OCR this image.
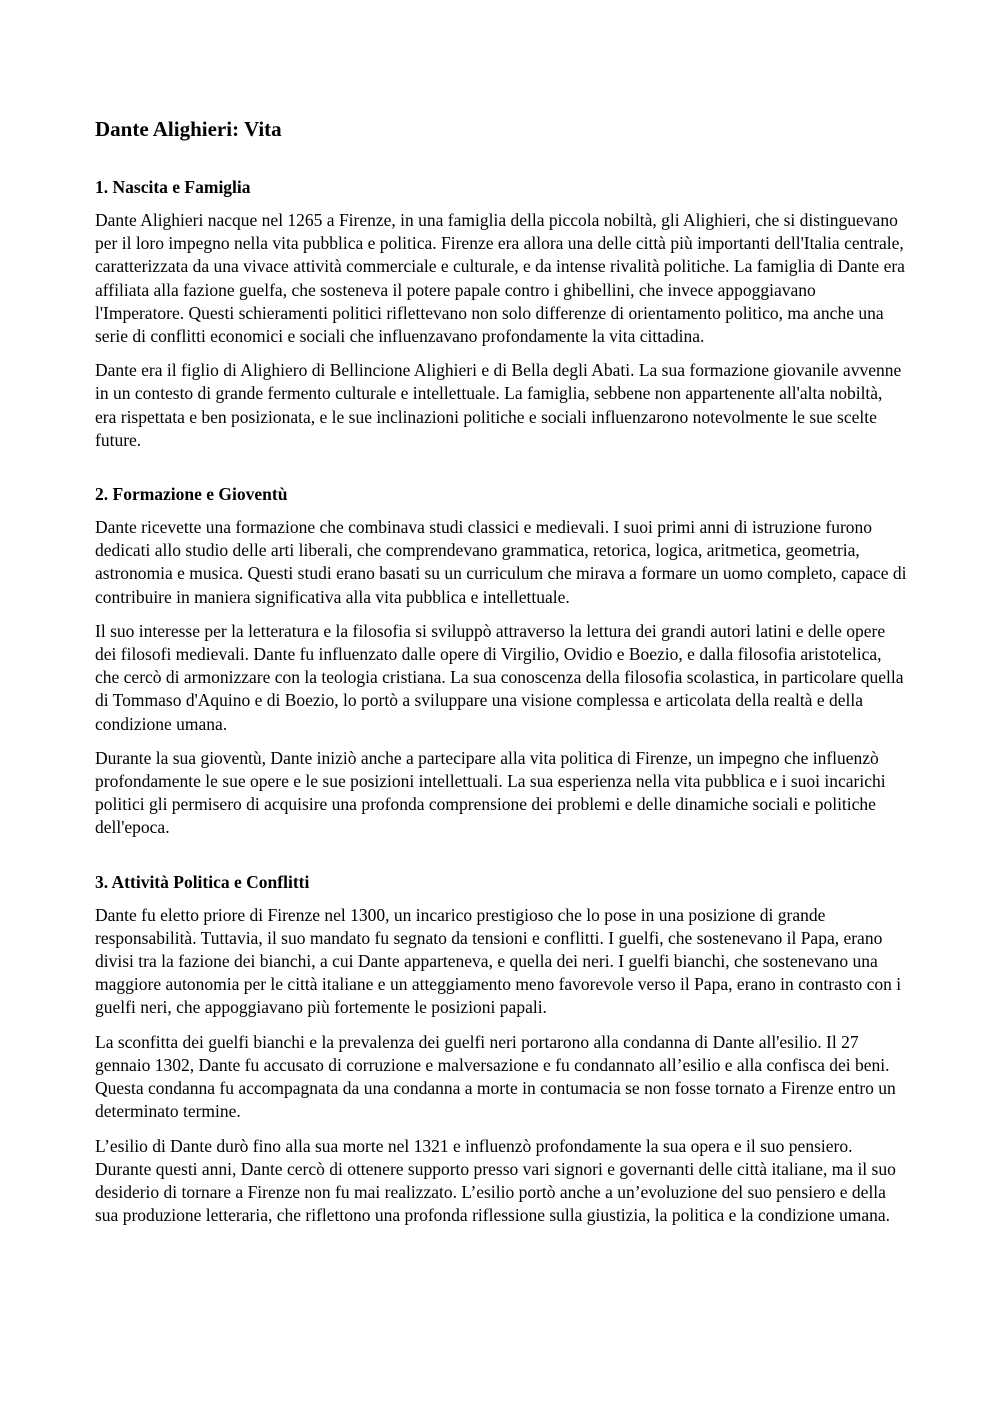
Dante Alighieri: Vita
1. Nascita e Famiglia

Dante Alighieri nacque nel 1265 a Firenze, in una famiglia della piccola nobiltà, gli Alighieri, che si distinguevano per il loro impegno nella vita pubblica e politica. Firenze era allora una delle città più importanti dell'Italia centrale, caratterizzata da una vivace attività commerciale e culturale, e da intense rivalità politiche. La famiglia di Dante era affiliata alla fazione guelfa, che sosteneva il potere papale contro i ghibellini, che invece appoggiavano l'Imperatore. Questi schieramenti politici riflettevano non solo differenze di orientamento politico, ma anche una serie di conflitti economici e sociali che influenzavano profondamente la vita cittadina.

Dante era il figlio di Alighiero di Bellincione Alighieri e di Bella degli Abati. La sua formazione giovanile avvenne in un contesto di grande fermento culturale e intellettuale. La famiglia, sebbene non appartenente all'alta nobiltà, era rispettata e ben posizionata, e le sue inclinazioni politiche e sociali influenzarono notevolmente le sue scelte future.

2. Formazione e Gioventù

Dante ricevette una formazione che combinava studi classici e medievali. I suoi primi anni di istruzione furono dedicati allo studio delle arti liberali, che comprendevano grammatica, retorica, logica, aritmetica, geometria, astronomia e musica. Questi studi erano basati su un curriculum che mirava a formare un uomo completo, capace di contribuire in maniera significativa alla vita pubblica e intellettuale.

Il suo interesse per la letteratura e la filosofia si sviluppò attraverso la lettura dei grandi autori latini e delle opere dei filosofi medievali. Dante fu influenzato dalle opere di Virgilio, Ovidio e Boezio, e dalla filosofia aristotelica, che cercò di armonizzare con la teologia cristiana. La sua conoscenza della filosofia scolastica, in particolare quella di Tommaso d'Aquino e di Boezio, lo portò a sviluppare una visione complessa e articolata della realtà e della condizione umana.

Durante la sua gioventù, Dante iniziò anche a partecipare alla vita politica di Firenze, un impegno che influenzò profondamente le sue opere e le sue posizioni intellettuali. La sua esperienza nella vita pubblica e i suoi incarichi politici gli permisero di acquisire una profonda comprensione dei problemi e delle dinamiche sociali e politiche dell'epoca.

3. Attività Politica e Conflitti

Dante fu eletto priore di Firenze nel 1300, un incarico prestigioso che lo pose in una posizione di grande responsabilità. Tuttavia, il suo mandato fu segnato da tensioni e conflitti. I guelfi, che sostenevano il Papa, erano divisi tra la fazione dei bianchi, a cui Dante apparteneva, e quella dei neri. I guelfi bianchi, che sostenevano una maggiore autonomia per le città italiane e un atteggiamento meno favorevole verso il Papa, erano in contrasto con i guelfi neri, che appoggiavano più fortemente le posizioni papali.

La sconfitta dei guelfi bianchi e la prevalenza dei guelfi neri portarono alla condanna di Dante all'esilio. Il 27 gennaio 1302, Dante fu accusato di corruzione e malversazione e fu condannato all’esilio e alla confisca dei beni. Questa condanna fu accompagnata da una condanna a morte in contumacia se non fosse tornato a Firenze entro un determinato termine.

L’esilio di Dante durò fino alla sua morte nel 1321 e influenzò profondamente la sua opera e il suo pensiero. Durante questi anni, Dante cercò di ottenere supporto presso vari signori e governanti delle città italiane, ma il suo desiderio di tornare a Firenze non fu mai realizzato. L’esilio portò anche a un’evoluzione del suo pensiero e della sua produzione letteraria, che riflettono una profonda riflessione sulla giustizia, la politica e la condizione umana.
